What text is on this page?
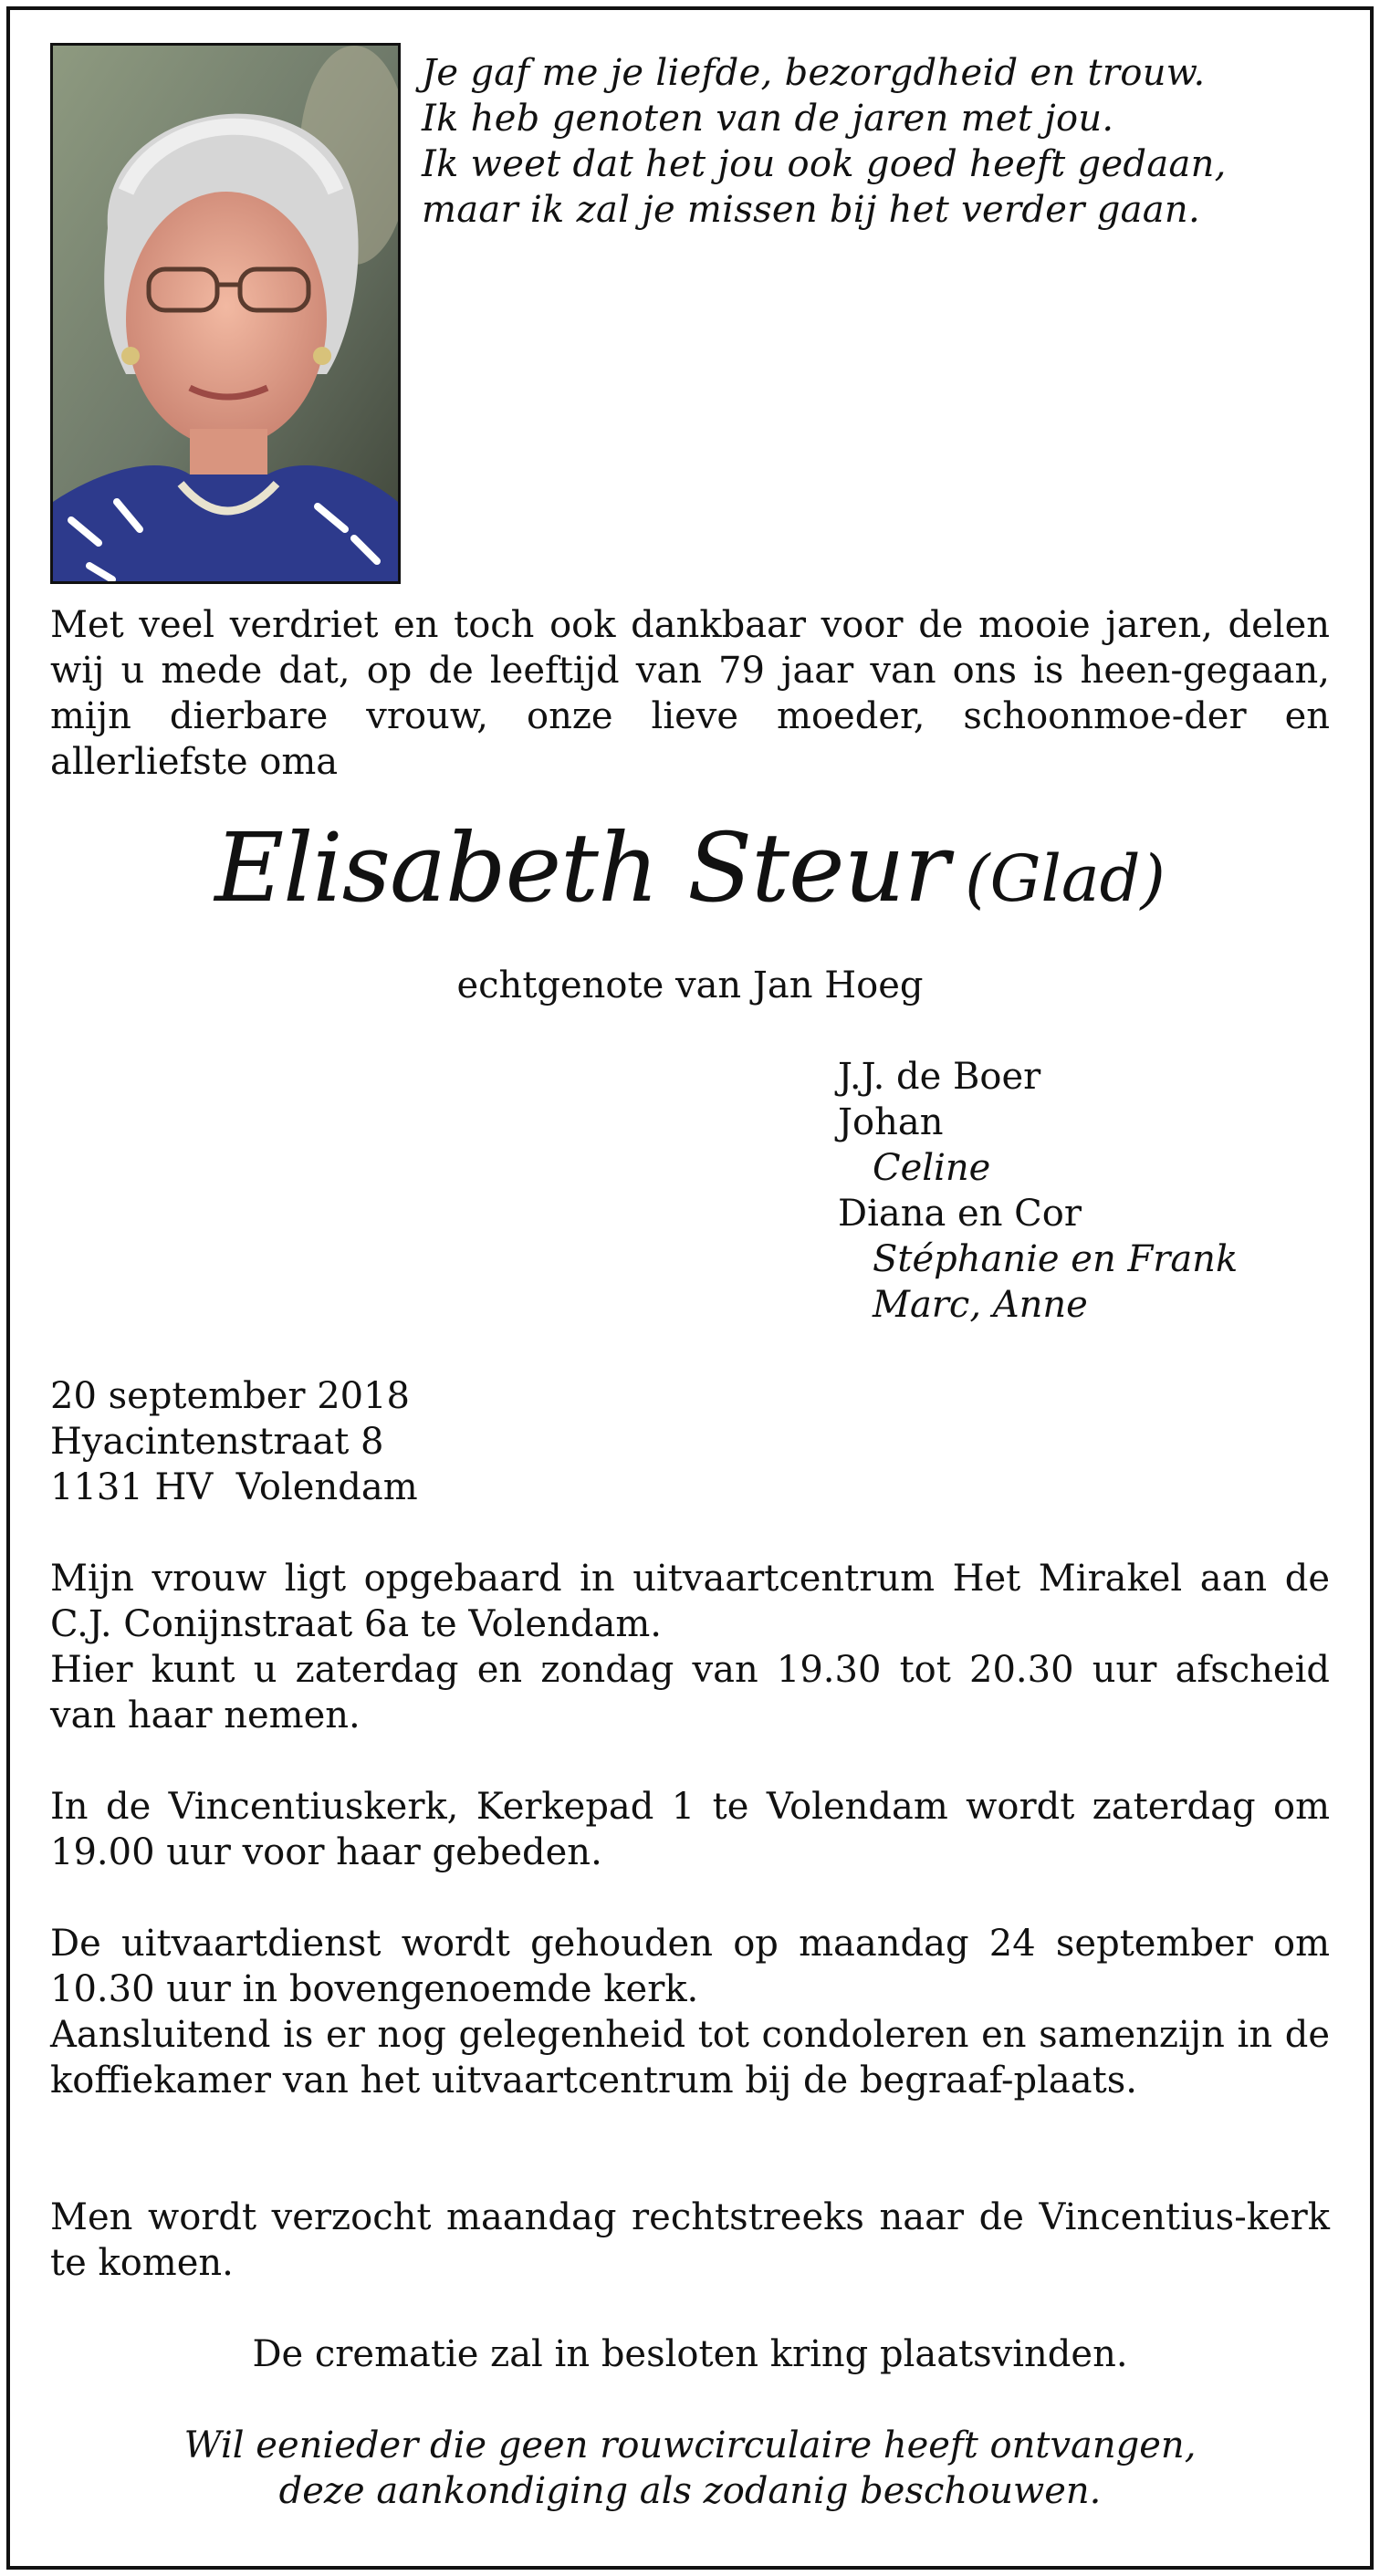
Je gaf me je liefde, bezorgdheid en trouw.
Ik heb genoten van de jaren met jou.
Ik weet dat het jou ook goed heeft gedaan,
maar ik zal je missen bij het verder gaan.
Met veel verdriet en toch ook dankbaar voor de mooie jaren, delen wij u mede dat, op de leeftijd van 79 jaar van ons is heen-gegaan, mijn dierbare vrouw, onze lieve moeder, schoonmoe-der en allerliefste oma
Elisabeth Steur (Glad)
echtgenote van Jan Hoeg
J.J. de Boer
Johan
Celine
Diana en Cor
Stéphanie en Frank
Marc, Anne
20 september 2018
Hyacintenstraat 8
1131 HV  Volendam
Mijn vrouw ligt opgebaard in uitvaartcentrum Het Mirakel aan de C.J. Conijnstraat 6a te Volendam.
Hier kunt u zaterdag en zondag van 19.30 tot 20.30 uur afscheid van haar nemen.
In de Vincentiuskerk, Kerkepad 1 te Volendam wordt zaterdag om 19.00 uur voor haar gebeden.
De uitvaartdienst wordt gehouden op maandag 24 september om 10.30 uur in bovengenoemde kerk.
Aansluitend is er nog gelegenheid tot condoleren en samenzijn in de koffiekamer van het uitvaartcentrum bij de begraaf-plaats.
Men wordt verzocht maandag rechtstreeks naar de Vincentius-kerk te komen.
De crematie zal in besloten kring plaatsvinden.
Wil eenieder die geen rouwcirculaire heeft ontvangen,
deze aankondiging als zodanig beschouwen.
